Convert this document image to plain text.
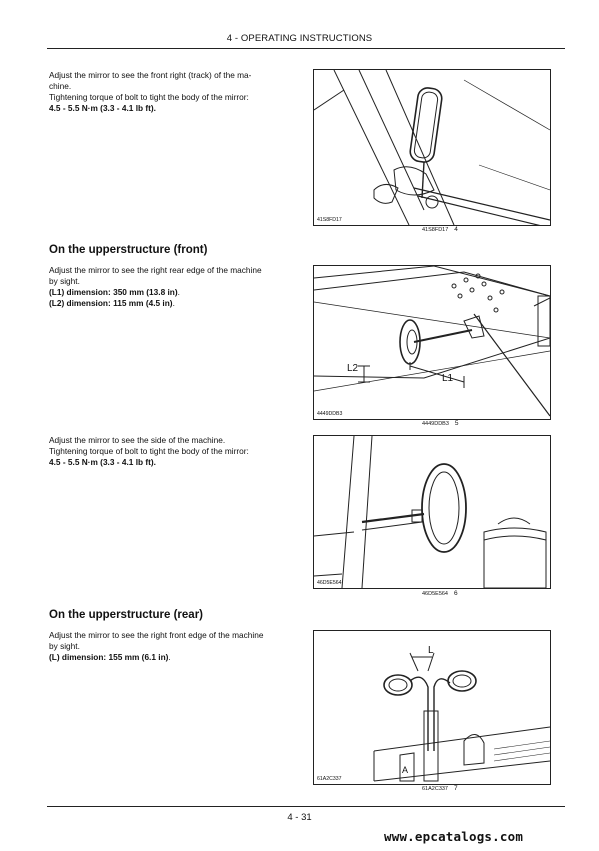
4 - OPERATING INSTRUCTIONS
Adjust the mirror to see the front right (track) of the ma-
chine.
Tightening torque of bolt to tight the body of the mirror:
4.5 - 5.5 N·m (3.3 - 4.1 lb ft).
41S8FD17
41S8FD17 4
On the upperstructure (front)
Adjust the mirror to see the right rear edge of the machine
by sight.
(L1) dimension: 350 mm (13.8 in).
(L2) dimension: 115 mm (4.5 in).
L2
L1
4449DDB3
4449DDB3 5
Adjust the mirror to see the side of the machine.
Tightening torque of bolt to tight the body of the mirror:
4.5 - 5.5 N·m (3.3 - 4.1 lb ft).
46D5E564
46D5E564 6
On the upperstructure (rear)
Adjust the mirror to see the right front edge of the machine
by sight.
(L) dimension: 155 mm (6.1 in).
L
A
61A2C337
61A2C337 7
4 - 31
www.epcatalogs.com
